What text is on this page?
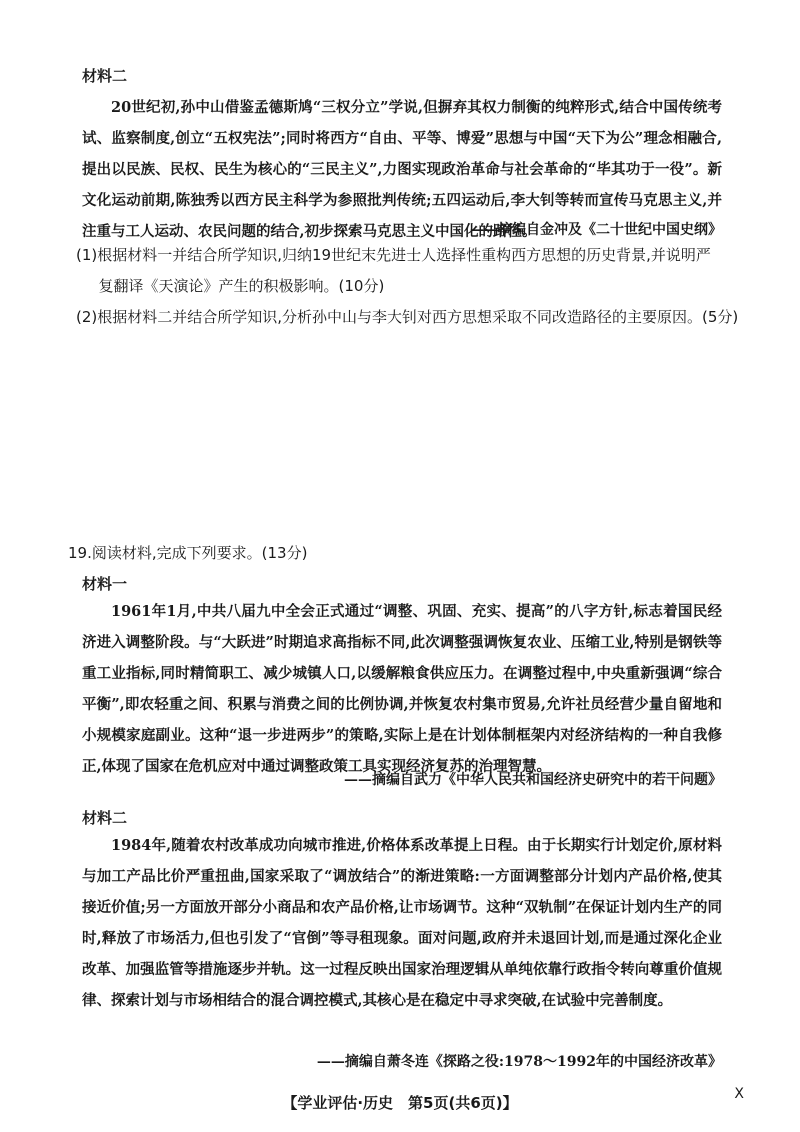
材料二
20世纪初,孙中山借鉴孟德斯鸠“三权分立”学说,但摒弃其权力制衡的纯粹形式,结合中国传统考试、监察制度,创立“五权宪法”;同时将西方“自由、平等、博爱”思想与中国“天下为公”理念相融合,提出以民族、民权、民生为核心的“三民主义”,力图实现政治革命与社会革命的“毕其功于一役”。新文化运动前期,陈独秀以西方民主科学为参照批判传统;五四运动后,李大钊等转而宣传马克思主义,并注重与工人运动、农民问题的结合,初步探索马克思主义中国化的路径。
——摘编自金冲及《二十世纪中国史纲》
(1)根据材料一并结合所学知识,归纳19世纪末先进士人选择性重构西方思想的历史背景,并说明严
复翻译《天演论》产生的积极影响。(10分)
(2)根据材料二并结合所学知识,分析孙中山与李大钊对西方思想采取不同改造路径的主要原因。(5分)
19.阅读材料,完成下列要求。(13分)
材料一
1961年1月,中共八届九中全会正式通过“调整、巩固、充实、提高”的八字方针,标志着国民经济进入调整阶段。与“大跃进”时期追求高指标不同,此次调整强调恢复农业、压缩工业,特别是钢铁等重工业指标,同时精简职工、减少城镇人口,以缓解粮食供应压力。在调整过程中,中央重新强调“综合平衡”,即农轻重之间、积累与消费之间的比例协调,并恢复农村集市贸易,允许社员经营少量自留地和小规模家庭副业。这种“退一步进两步”的策略,实际上是在计划体制框架内对经济结构的一种自我修正,体现了国家在危机应对中通过调整政策工具实现经济复苏的治理智慧。
——摘编自武力《中华人民共和国经济史研究中的若干问题》
材料二
1984年,随着农村改革成功向城市推进,价格体系改革提上日程。由于长期实行计划定价,原材料与加工产品比价严重扭曲,国家采取了“调放结合”的渐进策略:一方面调整部分计划内产品价格,使其接近价值;另一方面放开部分小商品和农产品价格,让市场调节。这种“双轨制”在保证计划内生产的同时,释放了市场活力,但也引发了“官倒”等寻租现象。面对问题,政府并未退回计划,而是通过深化企业改革、加强监管等措施逐步并轨。这一过程反映出国家治理逻辑从单纯依靠行政指令转向尊重价值规律、探索计划与市场相结合的混合调控模式,其核心是在稳定中寻求突破,在试验中完善制度。
——摘编自萧冬连《探路之役:1978～1992年的中国经济改革》
【学业评估·历史　第5页(共6页)】	X
